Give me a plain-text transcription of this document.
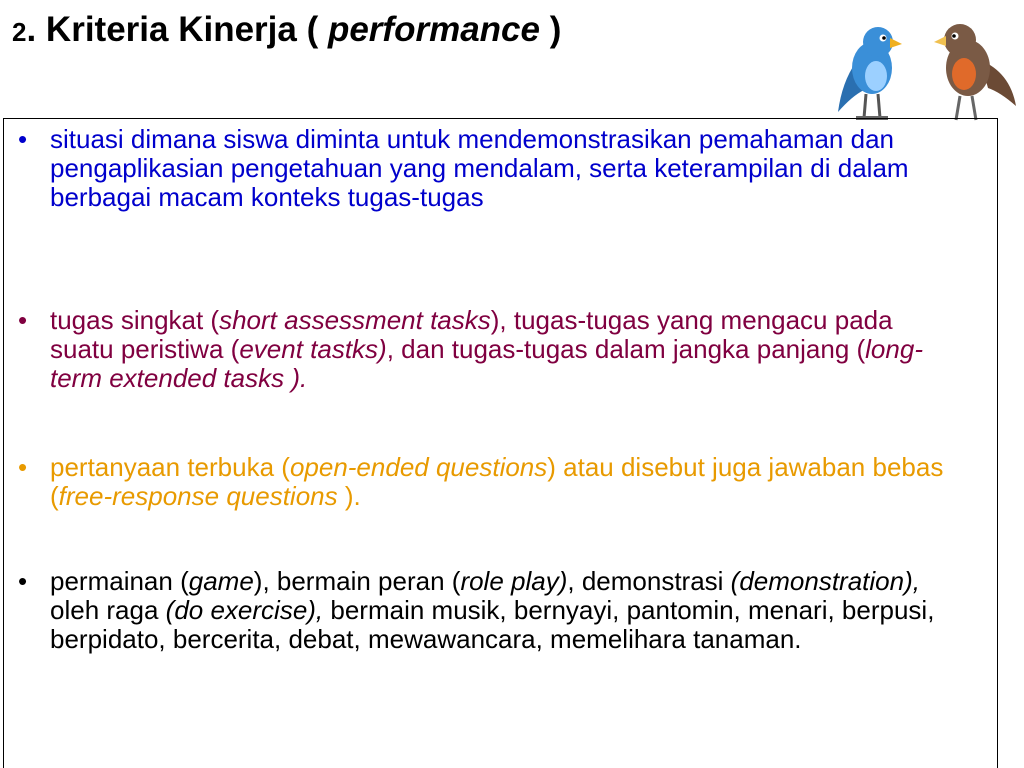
2. Kriteria Kinerja ( performance )
• situasi dimana siswa diminta untuk mendemonstrasikan pemahaman dan pengaplikasian pengetahuan yang mendalam, serta keterampilan di dalam berbagai macam konteks tugas-tugas
• tugas singkat (short assessment tasks), tugas-tugas yang mengacu pada suatu peristiwa (event tastks), dan tugas-tugas dalam jangka panjang (long-term extended tasks ).
• pertanyaan terbuka (open-ended questions) atau disebut juga jawaban bebas (free-response questions ).
• permainan (game), bermain peran (role play), demonstrasi (demonstration), oleh raga (do exercise), bermain musik, bernyayi, pantomin, menari, berpusi, berpidato, bercerita, debat, mewawancara, memelihara tanaman.
